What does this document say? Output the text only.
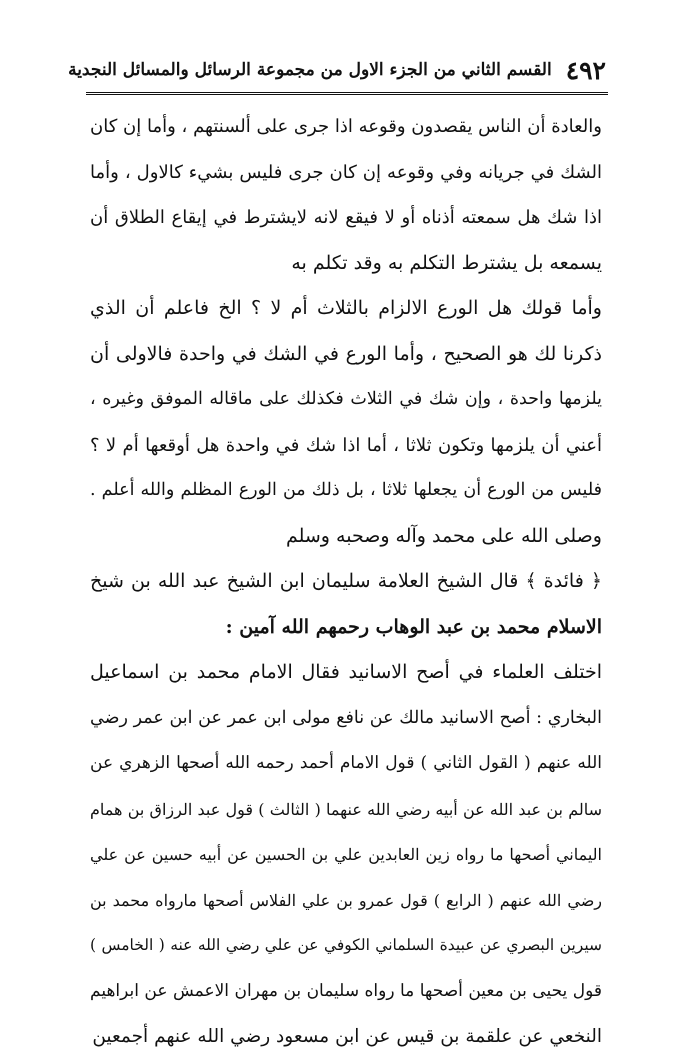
٤٩٢
القسم الثاني من الجزء الاول من مجموعة الرسائل والمسائل النجدية
والعادة أن الناس يقصدون وقوعه اذا جرى على ألسنتهم ، وأما إن كان
الشك في جريانه وفي وقوعه إن كان جرى فليس بشيء كالاول ، وأما
اذا شك هل سمعته أذناه أو لا فيقع لانه لايشترط في إيقاع الطلاق أن
يسمعه بل يشترط التكلم به وقد تكلم به
وأما قولك هل الورع الالزام بالثلاث أم لا ؟ الخ فاعلم أن الذي
ذكرنا لك هو الصحيح ، وأما الورع في الشك في واحدة فالاولى أن
يلزمها واحدة ، وإن شك في الثلاث فكذلك على ماقاله الموفق وغيره ،
أعني أن يلزمها وتكون ثلاثا ، أما اذا شك في واحدة هل أوقعها أم لا ؟
فليس من الورع أن يجعلها ثلاثا ، بل ذلك من الورع المظلم والله أعلم .
وصلى الله على محمد وآله وصحبه وسلم
﴿ فائدة ﴾ قال الشيخ العلامة سليمان ابن الشيخ عبد الله بن شيخ
الاسلام محمد بن عبد الوهاب رحمهم الله آمين :
اختلف العلماء في أصح الاسانيد فقال الامام محمد بن اسماعيل
البخاري : أصح الاسانيد مالك عن نافع مولى ابن عمر عن ابن عمر رضي
الله عنهم ( القول الثاني ) قول الامام أحمد رحمه الله أصحها الزهري عن
سالم بن عبد الله عن أبيه رضي الله عنهما ( الثالث ) قول عبد الرزاق بن همام
اليماني أصحها ما رواه زين العابدين علي بن الحسين عن أبيه حسين عن علي
رضي الله عنهم ( الرابع ) قول عمرو بن علي الفلاس أصحها مارواه محمد بن
سيرين البصري عن عبيدة السلماني الكوفي عن علي رضي الله عنه ( الخامس )
قول يحيى بن معين أصحها ما رواه سليمان بن مهران الاعمش عن ابراهيم
النخعي عن علقمة بن قيس عن ابن مسعود رضي الله عنهم أجمعين
